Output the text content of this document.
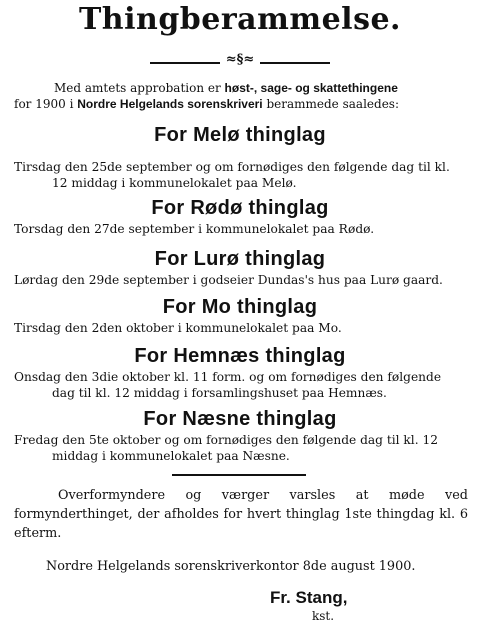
Thingberammelse.
≈§≈
Med amtets approbation er høst-, sage- og skattethingene
for 1900 i Nordre Helgelands sorenskriveri berammede saaledes:
For Melø thinglag
Tirsdag den 25de september og om fornødiges den følgende dag til kl.
12 middag i kommunelokalet paa Melø.
For Rødø thinglag
Torsdag den 27de september i kommunelokalet paa Rødø.
For Lurø thinglag
Lørdag den 29de september i godseier Dundas's hus paa Lurø gaard.
For Mo thinglag
Tirsdag den 2den oktober i kommunelokalet paa Mo.
For Hemnæs thinglag
Onsdag den 3die oktober kl. 11 form. og om fornødiges den følgende
dag til kl. 12 middag i forsamlingshuset paa Hemnæs.
For Næsne thinglag
Fredag den 5te oktober og om fornødiges den følgende dag til kl. 12
middag i kommunelokalet paa Næsne.
Overformyndere og værger varsles at møde ved formynderthinget, der afholdes for hvert thinglag 1ste thingdag kl. 6 efterm.
Nordre Helgelands sorenskriverkontor 8de august 1900.
Fr. Stang,
kst.
